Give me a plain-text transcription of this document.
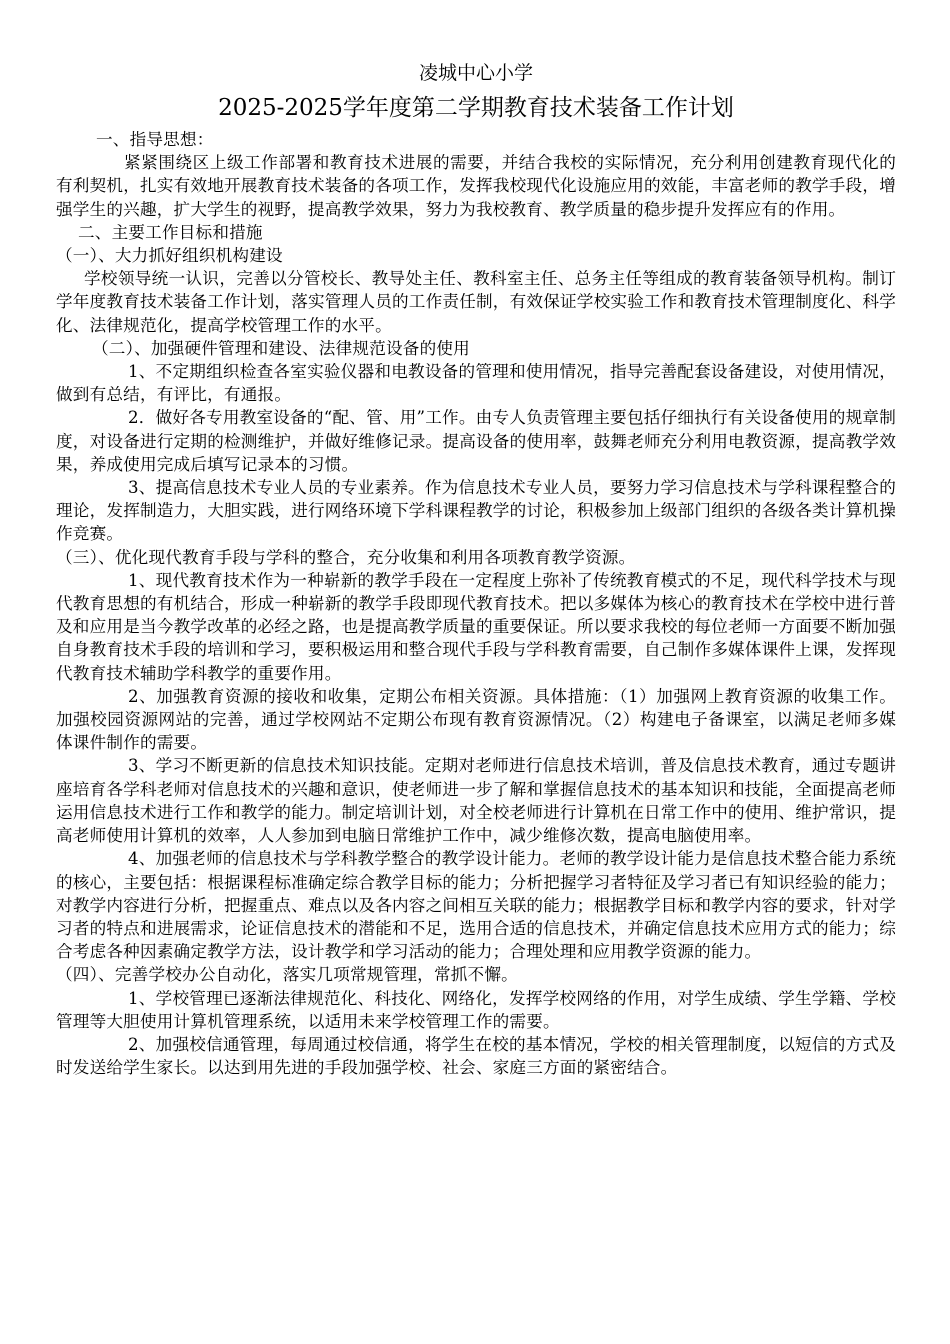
凌城中心小学

2025-2025学年度第二学期教育技术装备工作计划

一、指导思想：

紧紧围绕区上级工作部署和教育技术进展的需要，并结合我校的实际情况，充分利用创建教育现代化的有利契机，扎实有效地开展教育技术装备的各项工作，发挥我校现代化设施应用的效能，丰富老师的教学手段，增强学生的兴趣，扩大学生的视野，提高教学效果，努力为我校教育、教学质量的稳步提升发挥应有的作用。

二、主要工作目标和措施

（一）、大力抓好组织机构建设

学校领导统一认识，完善以分管校长、教导处主任、教科室主任、总务主任等组成的教育装备领导机构。制订学年度教育技术装备工作计划，落实管理人员的工作责任制，有效保证学校实验工作和教育技术管理制度化、科学化、法律规范化，提高学校管理工作的水平。

（二）、加强硬件管理和建设、法律规范设备的使用

1、不定期组织检查各室实验仪器和电教设备的管理和使用情况，指导完善配套设备建设，对使用情况，做到有总结，有评比，有通报。

2．做好各专用教室设备的“配、管、用”工作。由专人负责管理主要包括仔细执行有关设备使用的规章制度，对设备进行定期的检测维护，并做好维修记录。提高设备的使用率，鼓舞老师充分利用电教资源，提高教学效果，养成使用完成后填写记录本的习惯。

3、提高信息技术专业人员的专业素养。作为信息技术专业人员，要努力学习信息技术与学科课程整合的理论，发挥制造力，大胆实践，进行网络环境下学科课程教学的讨论，积极参加上级部门组织的各级各类计算机操作竞赛。

（三）、优化现代教育手段与学科的整合，充分收集和利用各项教育教学资源。

1、现代教育技术作为一种崭新的教学手段在一定程度上弥补了传统教育模式的不足，现代科学技术与现代教育思想的有机结合，形成一种崭新的教学手段即现代教育技术。把以多媒体为核心的教育技术在学校中进行普及和应用是当今教学改革的必经之路，也是提高教学质量的重要保证。所以要求我校的每位老师一方面要不断加强自身教育技术手段的培训和学习，要积极运用和整合现代手段与学科教育需要，自己制作多媒体课件上课，发挥现代教育技术辅助学科教学的重要作用。

2、加强教育资源的接收和收集，定期公布相关资源。具体措施：（1）加强网上教育资源的收集工作。加强校园资源网站的完善，通过学校网站不定期公布现有教育资源情况。（2）构建电子备课室，以满足老师多媒体课件制作的需要。

3、学习不断更新的信息技术知识技能。定期对老师进行信息技术培训，普及信息技术教育，通过专题讲座培育各学科老师对信息技术的兴趣和意识，使老师进一步了解和掌握信息技术的基本知识和技能，全面提高老师运用信息技术进行工作和教学的能力。制定培训计划，对全校老师进行计算机在日常工作中的使用、维护常识，提高老师使用计算机的效率，人人参加到电脑日常维护工作中，减少维修次数，提高电脑使用率。

4、加强老师的信息技术与学科教学整合的教学设计能力。老师的教学设计能力是信息技术整合能力系统的核心，主要包括：根据课程标准确定综合教学目标的能力；分析把握学习者特征及学习者已有知识经验的能力；对教学内容进行分析，把握重点、难点以及各内容之间相互关联的能力；根据教学目标和教学内容的要求，针对学习者的特点和进展需求，论证信息技术的潜能和不足，选用合适的信息技术，并确定信息技术应用方式的能力；综合考虑各种因素确定教学方法，设计教学和学习活动的能力；合理处理和应用教学资源的能力。

（四）、完善学校办公自动化，落实几项常规管理，常抓不懈。

1、学校管理已逐渐法律规范化、科技化、网络化，发挥学校网络的作用，对学生成绩、学生学籍、学校管理等大胆使用计算机管理系统，以适用未来学校管理工作的需要。

2、加强校信通管理，每周通过校信通，将学生在校的基本情况，学校的相关管理制度，以短信的方式及时发送给学生家长。以达到用先进的手段加强学校、社会、家庭三方面的紧密结合。
